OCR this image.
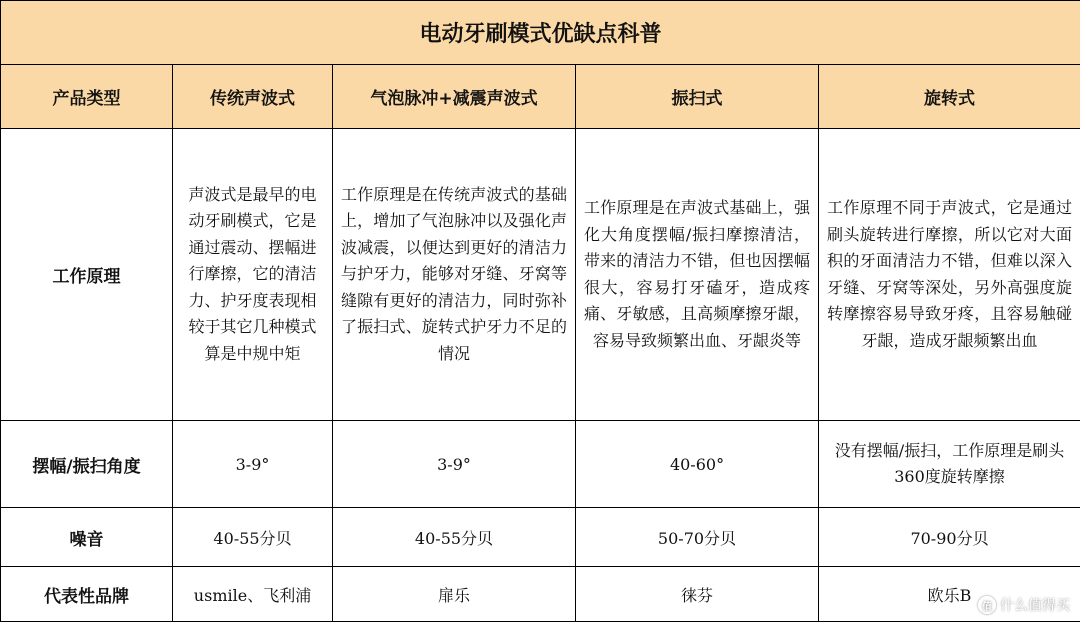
电动牙刷模式优缺点科普				
产品类型	传统声波式	气泡脉冲+减震声波式	振扫式	旋转式
工作原理	声波式是最早的电动牙刷模式，它是通过震动、摆幅进行摩擦，它的清洁力、护牙度表现相较于其它几种模式算是中规中矩	工作原理是在传统声波式的基础上，增加了气泡脉冲以及强化声波减震，以便达到更好的清洁力与护牙力，能够对牙缝、牙窝等缝隙有更好的清洁力，同时弥补了振扫式、旋转式护牙力不足的情况	工作原理是在声波式基础上，强化大角度摆幅/振扫摩擦清洁，带来的清洁力不错，但也因摆幅很大，容易打牙磕牙，造成疼痛、牙敏感，且高频摩擦牙龈，容易导致频繁出血、牙龈炎等	工作原理不同于声波式，它是通过刷头旋转进行摩擦，所以它对大面积的牙面清洁力不错，但难以深入牙缝、牙窝等深处，另外高强度旋转摩擦容易导致牙疼，且容易触碰牙龈，造成牙龈频繁出血
摆幅/振扫角度	3-9°	3-9°	40-60°	没有摆幅/振扫，工作原理是刷头360度旋转摩擦
噪音	40-55分贝	40-55分贝	50-70分贝	70-90分贝
代表性品牌	usmile、飞利浦	扉乐	徕芬	欧乐B
值 什么值得买
